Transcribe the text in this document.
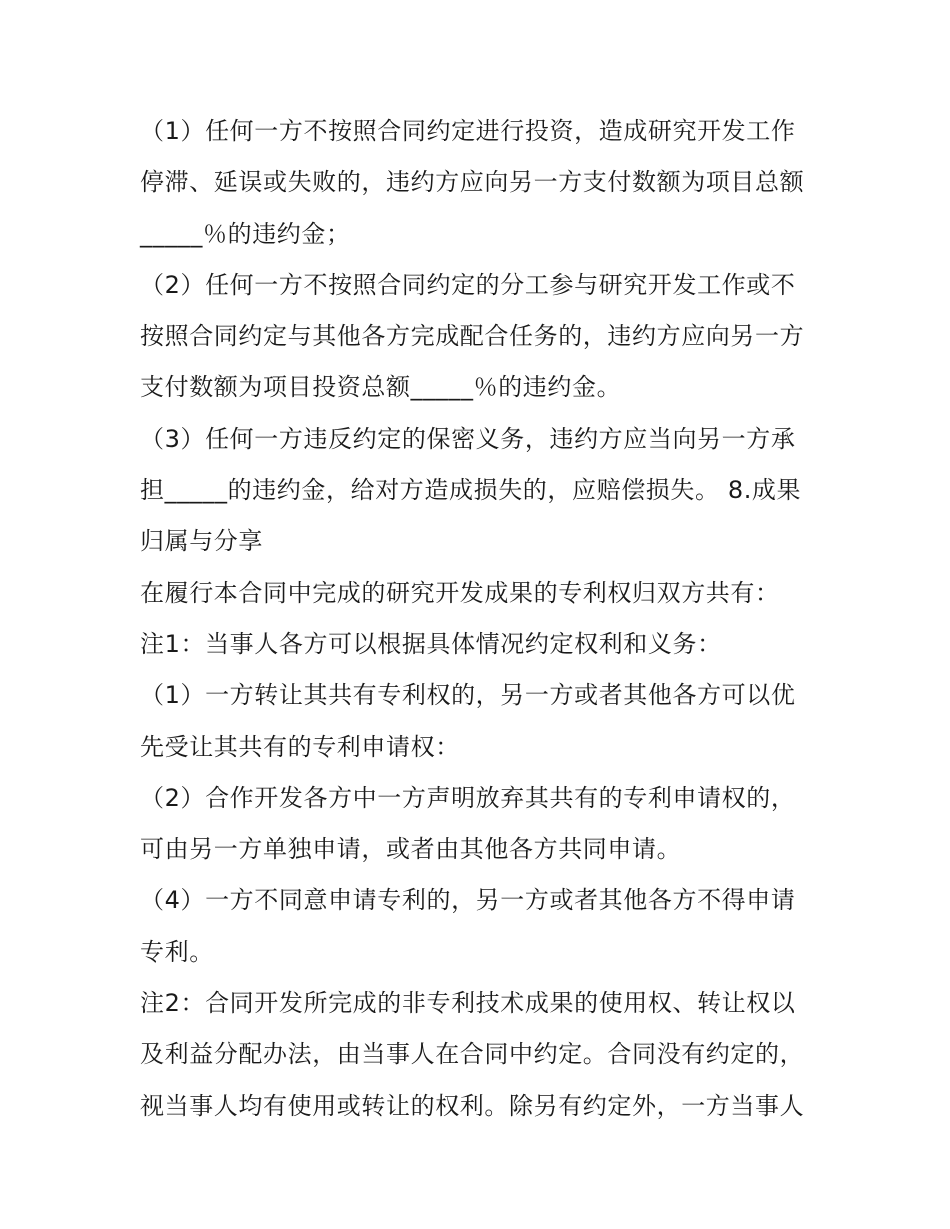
（1）任何一方不按照合同约定进行投资，造成研究开发工作
停滞、延误或失败的，违约方应向另一方支付数额为项目总额
_____％的违约金；
（2）任何一方不按照合同约定的分工参与研究开发工作或不
按照合同约定与其他各方完成配合任务的，违约方应向另一方
支付数额为项目投资总额_____％的违约金。
（3）任何一方违反约定的保密义务，违约方应当向另一方承
担_____的违约金，给对方造成损失的，应赔偿损失。 8.成果
归属与分享
在履行本合同中完成的研究开发成果的专利权归双方共有：
注1：当事人各方可以根据具体情况约定权利和义务：
（1）一方转让其共有专利权的，另一方或者其他各方可以优
先受让其共有的专利申请权：
（2）合作开发各方中一方声明放弃其共有的专利申请权的，
可由另一方单独申请，或者由其他各方共同申请。
（4）一方不同意申请专利的，另一方或者其他各方不得申请
专利。
注2：合同开发所完成的非专利技术成果的使用权、转让权以
及利益分配办法，由当事人在合同中约定。合同没有约定的，
视当事人均有使用或转让的权利。除另有约定外，一方当事人
